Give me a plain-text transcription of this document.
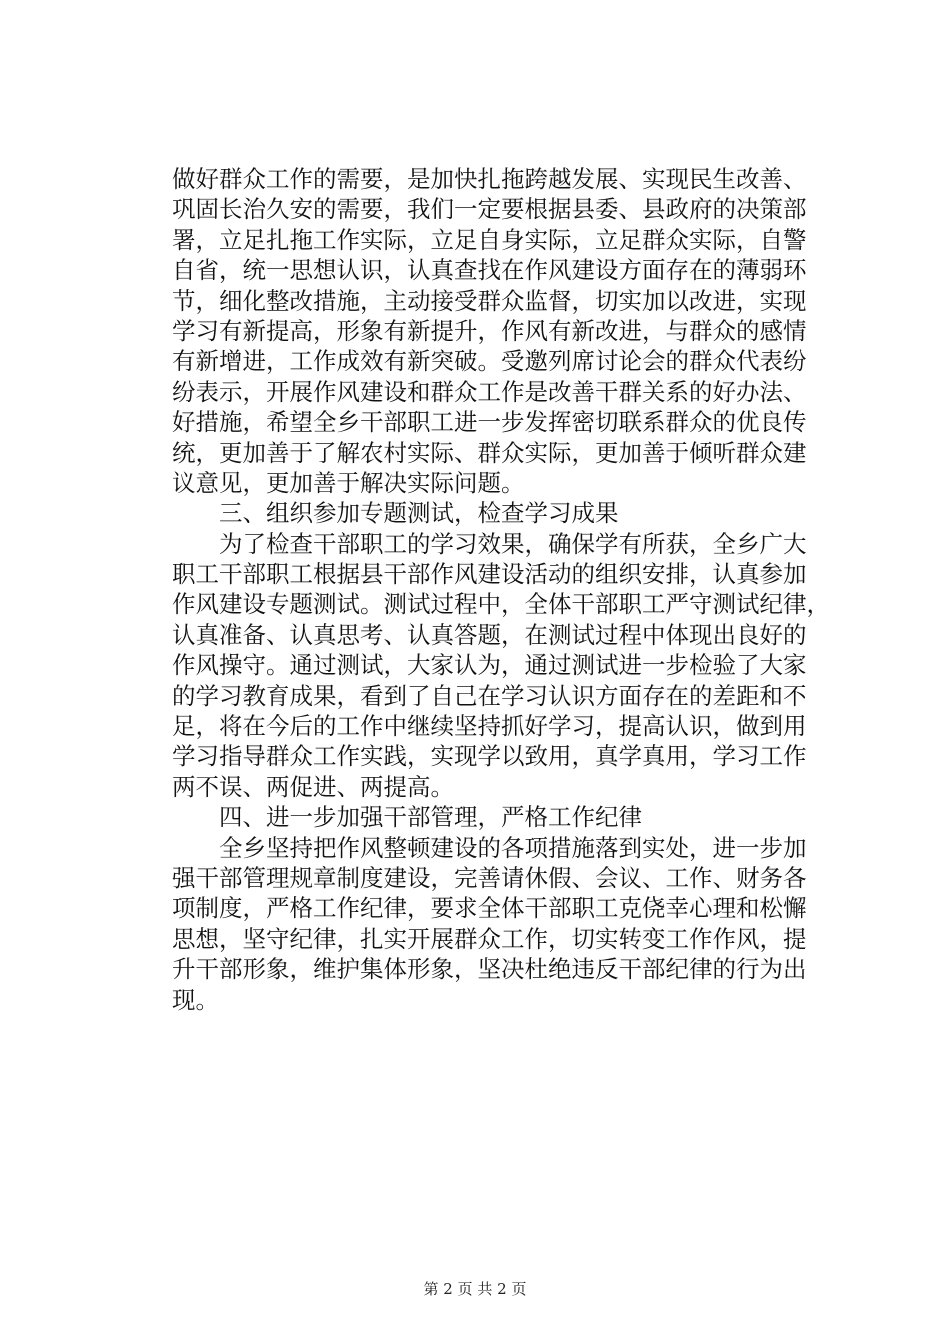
做好群众工作的需要，是加快扎拖跨越发展、实现民生改善、
巩固长治久安的需要，我们一定要根据县委、县政府的决策部
署，立足扎拖工作实际，立足自身实际，立足群众实际，自警
自省，统一思想认识，认真查找在作风建设方面存在的薄弱环
节，细化整改措施，主动接受群众监督，切实加以改进，实现
学习有新提高，形象有新提升，作风有新改进，与群众的感情
有新增进，工作成效有新突破。受邀列席讨论会的群众代表纷
纷表示，开展作风建设和群众工作是改善干群关系的好办法、
好措施，希望全乡干部职工进一步发挥密切联系群众的优良传
统，更加善于了解农村实际、群众实际，更加善于倾听群众建
议意见，更加善于解决实际问题。
三、组织参加专题测试，检查学习成果
为了检查干部职工的学习效果，确保学有所获，全乡广大
职工干部职工根据县干部作风建设活动的组织安排，认真参加
作风建设专题测试。测试过程中，全体干部职工严守测试纪律，
认真准备、认真思考、认真答题，在测试过程中体现出良好的
作风操守。通过测试，大家认为，通过测试进一步检验了大家
的学习教育成果，看到了自己在学习认识方面存在的差距和不
足，将在今后的工作中继续坚持抓好学习，提高认识，做到用
学习指导群众工作实践，实现学以致用，真学真用，学习工作
两不误、两促进、两提高。
四、进一步加强干部管理，严格工作纪律
全乡坚持把作风整顿建设的各项措施落到实处，进一步加
强干部管理规章制度建设，完善请休假、会议、工作、财务各
项制度，严格工作纪律，要求全体干部职工克侥幸心理和松懈
思想，坚守纪律，扎实开展群众工作，切实转变工作作风，提
升干部形象，维护集体形象，坚决杜绝违反干部纪律的行为出
现。
第 2 页 共 2 页
